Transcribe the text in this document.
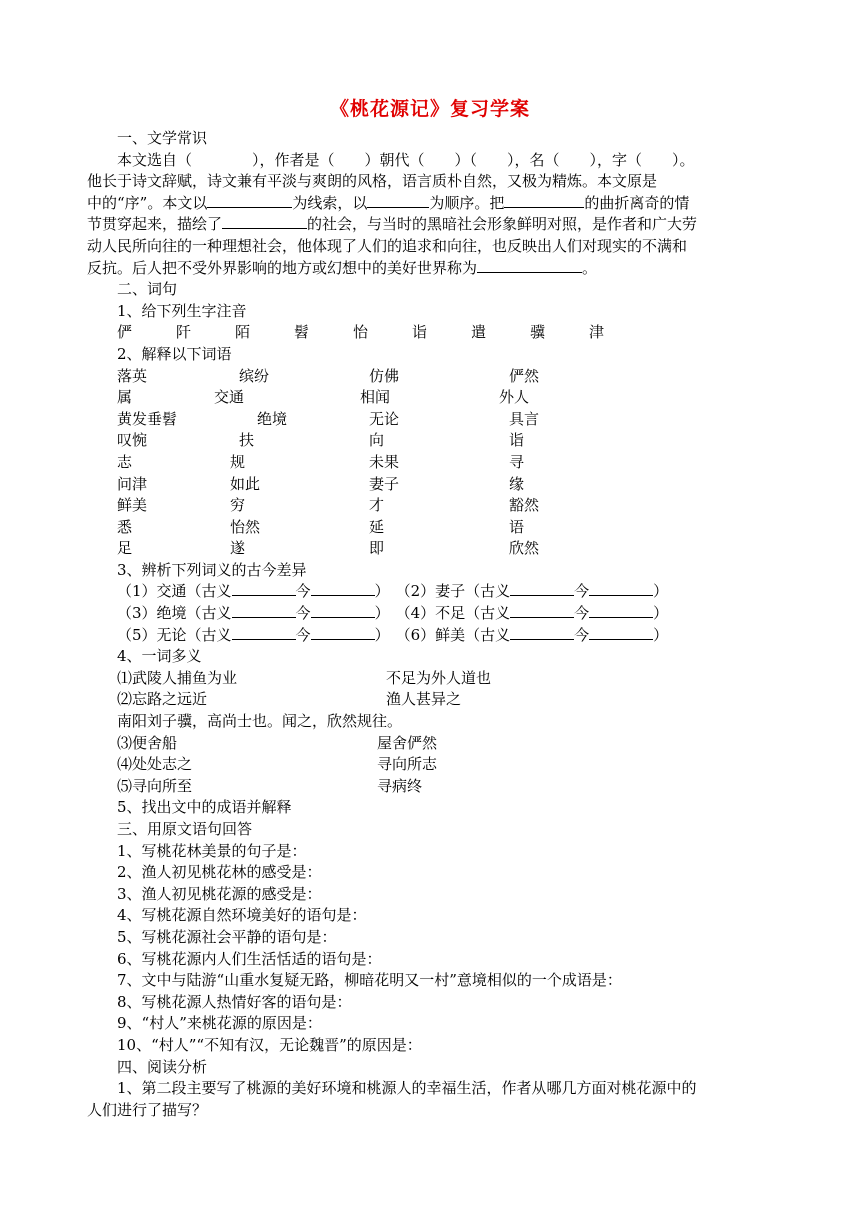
《桃花源记》复习学案
一、文学常识
本文选自（　　　　），作者是（　　）朝代（　　）（　　），名（　　），字（　　）。
他长于诗文辞赋，诗文兼有平淡与爽朗的风格，语言质朴自然，又极为精炼。本文原是
中的“序”。本文以	为线索，以	为顺序。把	的曲折离奇的情
节贯穿起来，描绘了	的社会，与当时的黑暗社会形象鲜明对照，是作者和广大劳
动人民所向往的一种理想社会，他体现了人们的追求和向往，也反映出人们对现实的不满和
反抗。后人把不受外界影响的地方或幻想中的美好世界称为	。
二、词句
1、给下列生字注音
俨	阡	陌	髫	怡	诣	遣	骥	津
2、解释以下词语
落英	缤纷	仿佛	俨然
属	交通	相闻	外人
黄发垂髫	绝境	无论	具言
叹惋	扶	向	诣
志	规	未果	寻
问津	如此	妻子	缘
鲜美	穷	才	豁然
悉	怡然	延	语
足	遂	即	欣然
3、辨析下列词义的古今差异
（1）交通（古义	今	） （2）妻子（古义	今	）
（3）绝境（古义	今	） （4）不足（古义	今	）
（5）无论（古义	今	） （6）鲜美（古义	今	）
4、一词多义
⑴武陵人捕鱼为业	不足为外人道也
⑵忘路之远近	渔人甚异之
南阳刘子骥，高尚士也。闻之，欣然规往。
⑶便舍船	屋舍俨然
⑷处处志之	寻向所志
⑸寻向所至	寻病终
5、找出文中的成语并解释
三、用原文语句回答
1、写桃花林美景的句子是：
2、渔人初见桃花林的感受是：
3、渔人初见桃花源的感受是：
4、写桃花源自然环境美好的语句是：
5、写桃花源社会平静的语句是：
6、写桃花源内人们生活恬适的语句是：
7、文中与陆游“山重水复疑无路，柳暗花明又一村”意境相似的一个成语是：
8、写桃花源人热情好客的语句是：
9、“村人”来桃花源的原因是：
10、“村人”“不知有汉，无论魏晋”的原因是：
四、阅读分析
1、第二段主要写了桃源的美好环境和桃源人的幸福生活，作者从哪几方面对桃花源中的
人们进行了描写？
